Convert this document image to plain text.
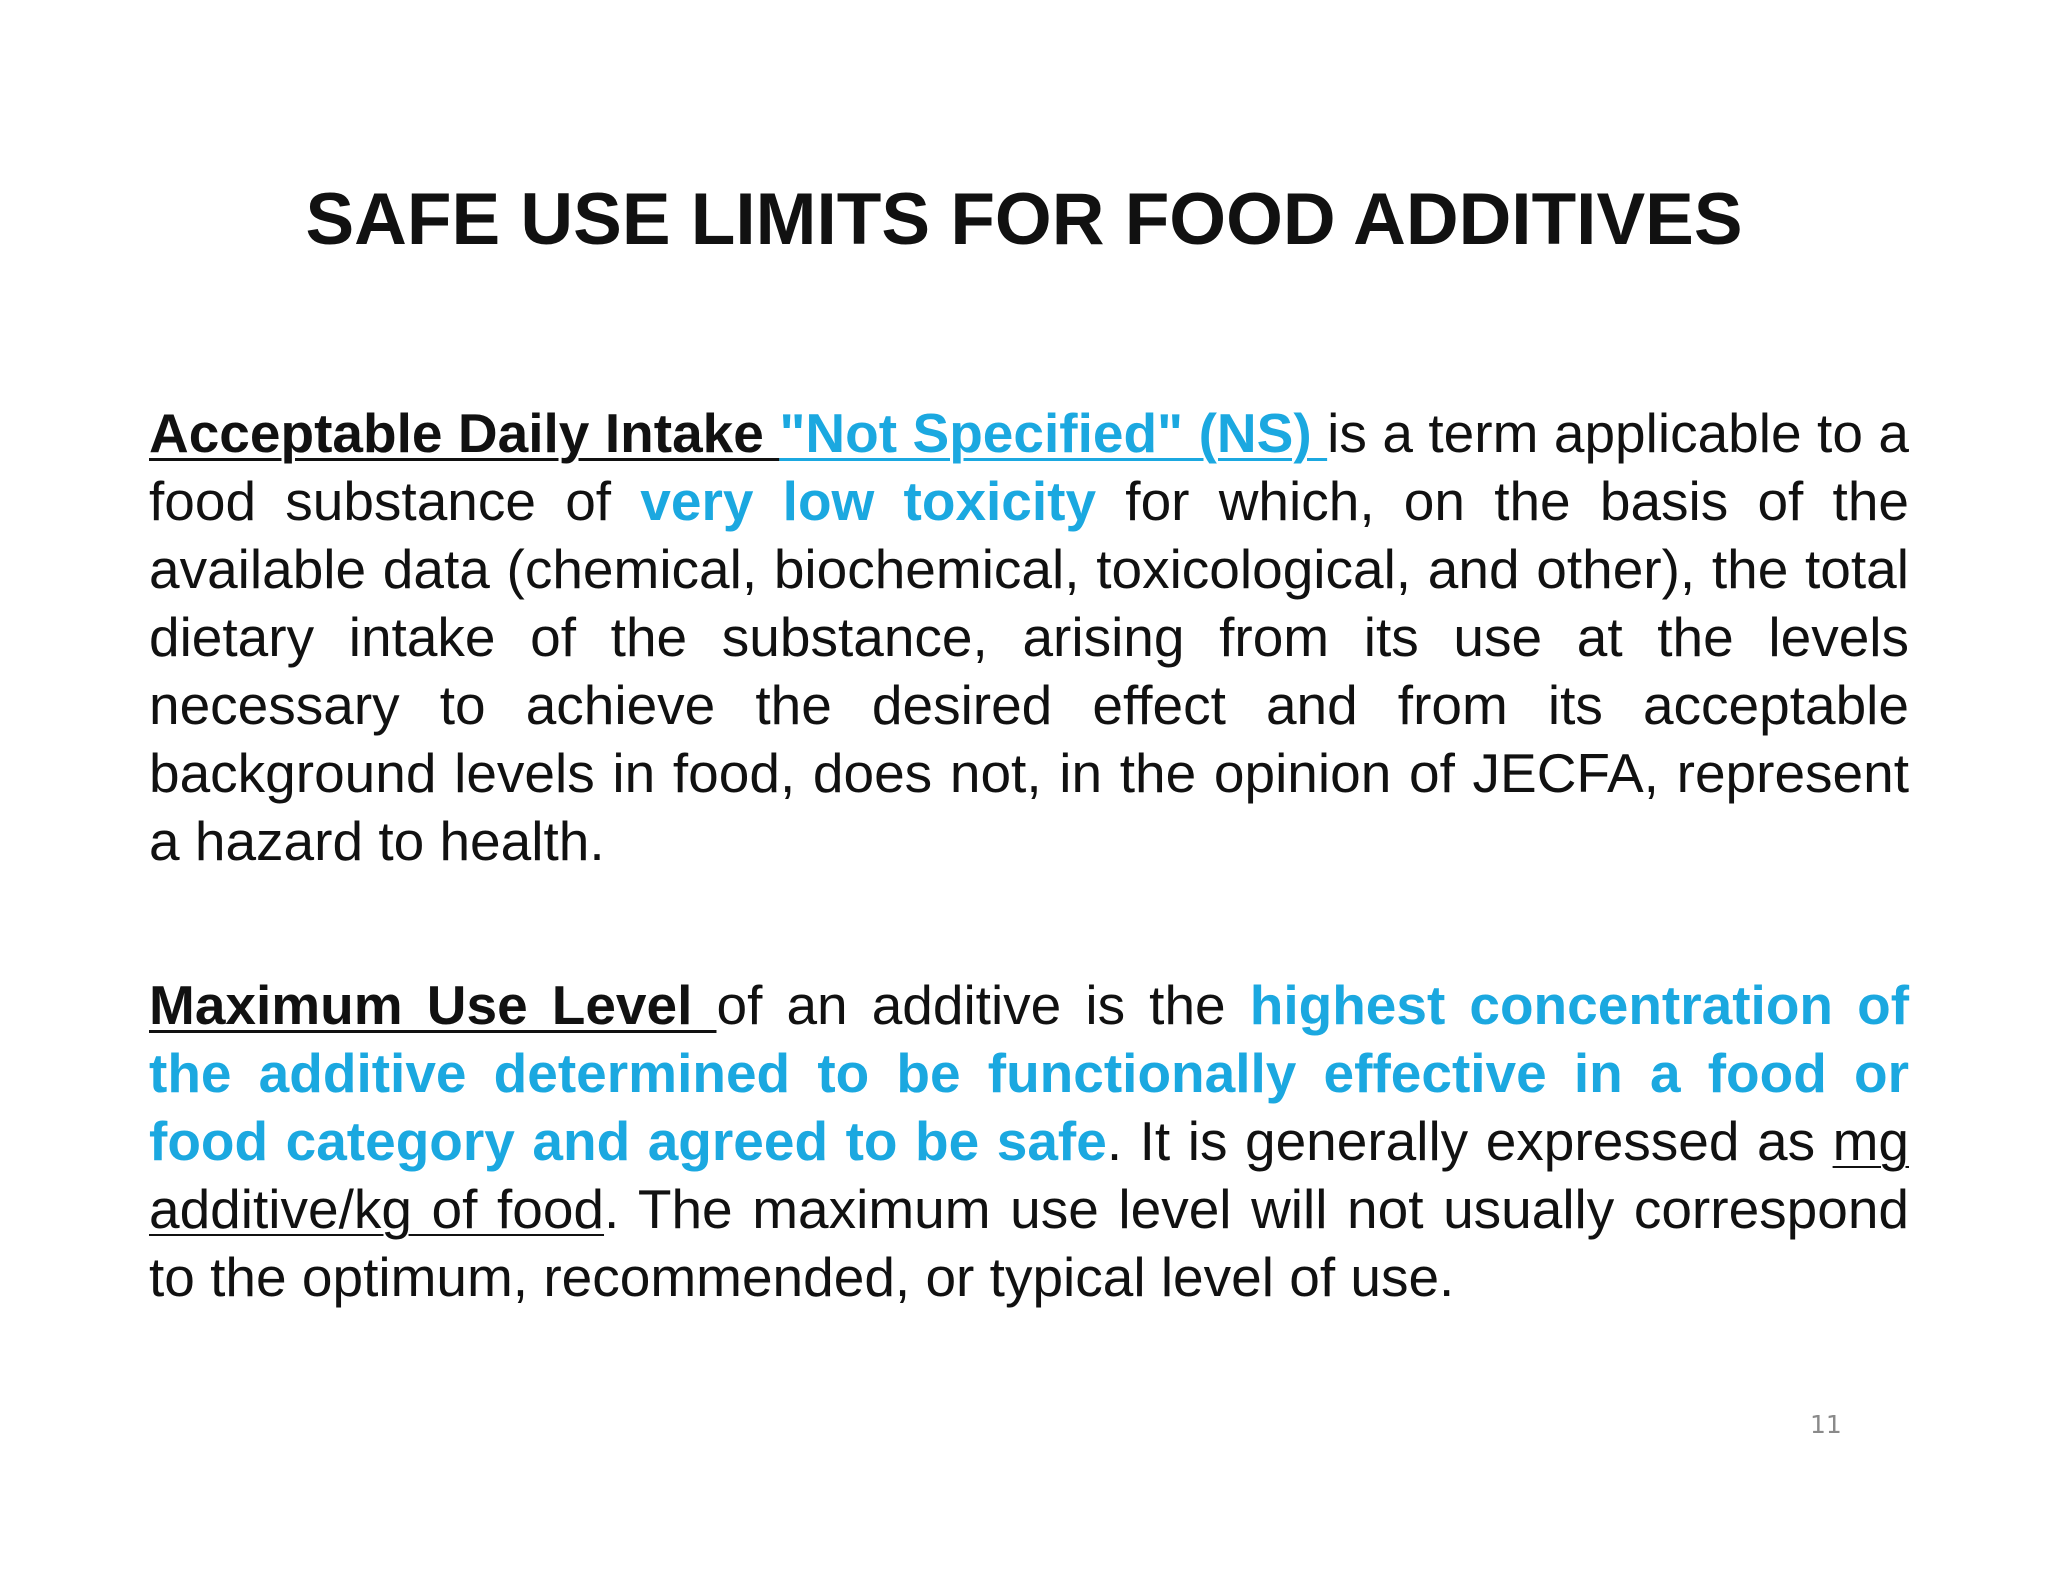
SAFE USE LIMITS FOR FOOD ADDITIVES

Acceptable Daily Intake "Not Specified" (NS) is a term applicable to a food substance of very low toxicity for which, on the basis of the available data (chemical, biochemical, toxicological, and other), the total dietary intake of the substance, arising from its use at the levels necessary to achieve the desired effect and from its acceptable background levels in food, does not, in the opinion of JECFA, represent a hazard to health.

Maximum Use Level of an additive is the highest concentration of the additive determined to be functionally effective in a food or food category and agreed to be safe. It is generally expressed as mg additive/kg of food. The maximum use level will not usually correspond to the optimum, recommended, or typical level of use.

11
